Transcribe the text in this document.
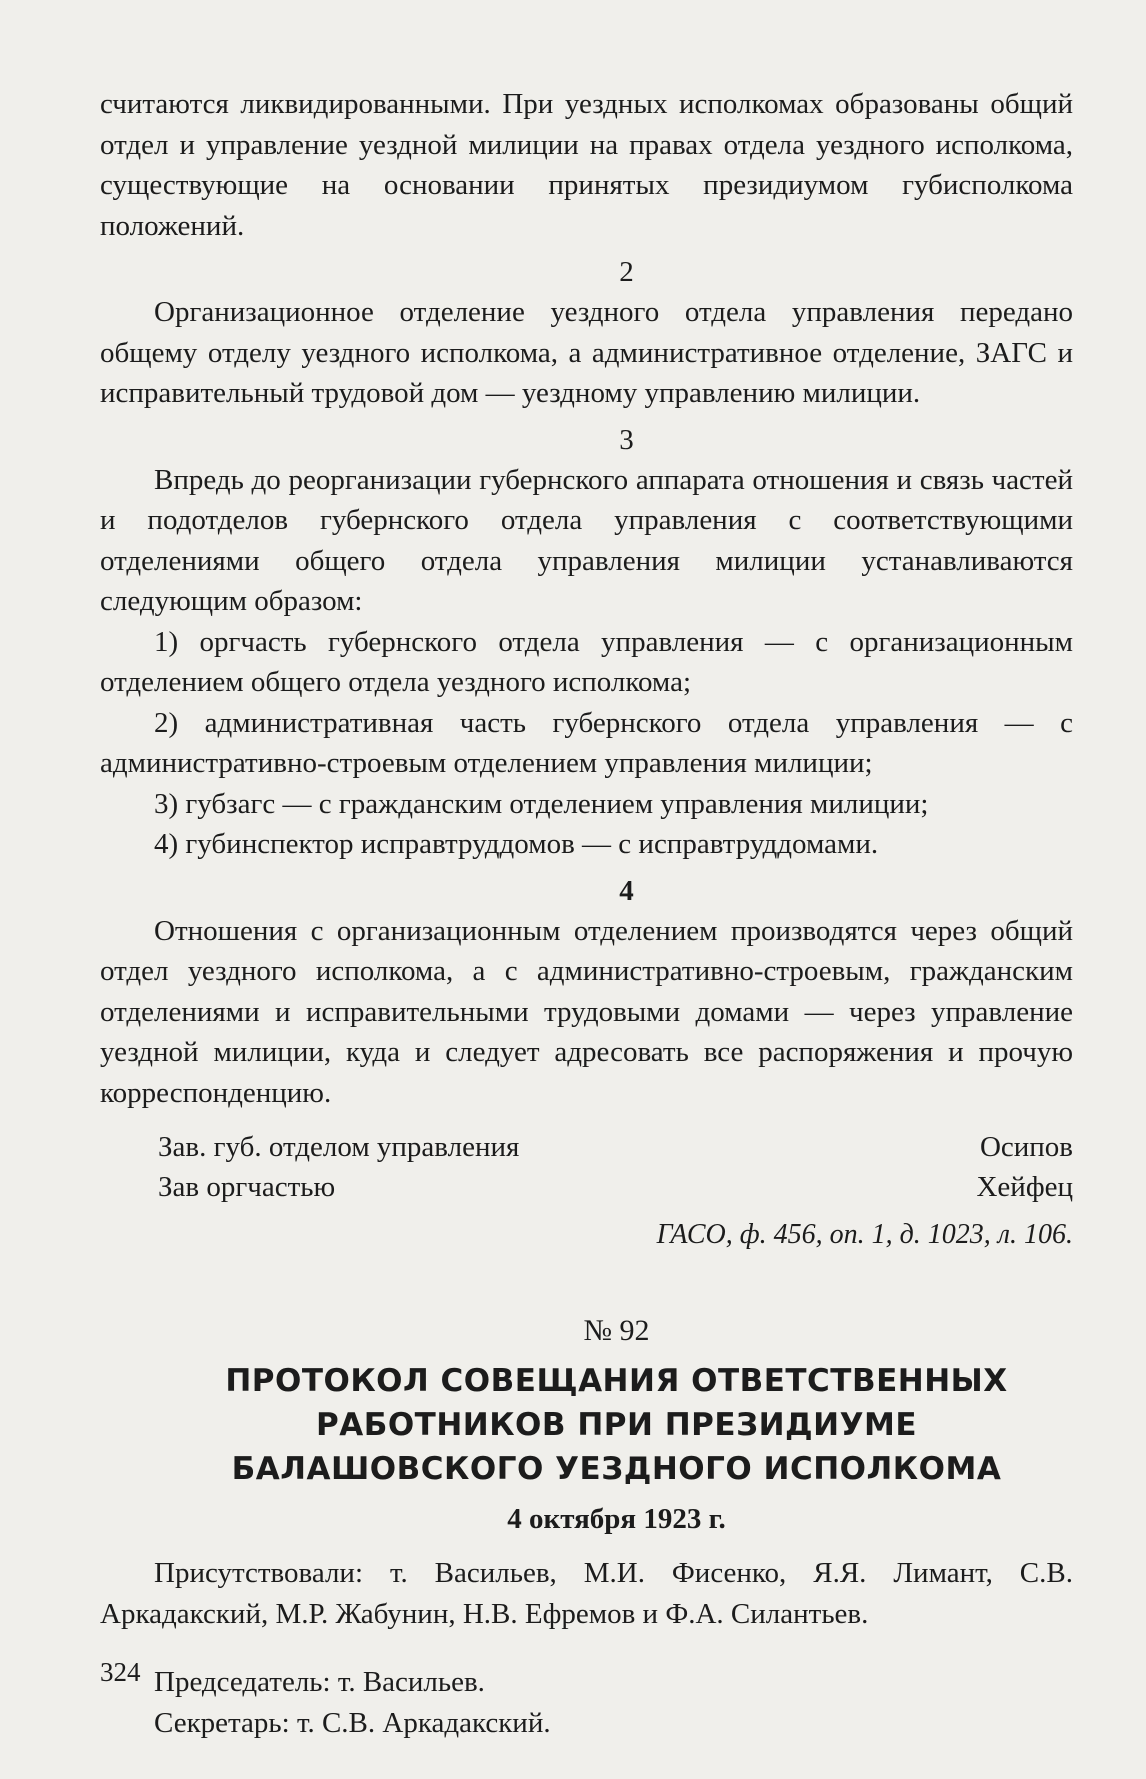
считаются ликвидированными. При уездных исполкомах образованы общий отдел и управление уездной милиции на правах отдела уездного исполкома, существующие на основании принятых президиумом губисполкома положений.

2

Организационное отделение уездного отдела управления передано общему отделу уездного исполкома, а административное отделение, ЗАГС и исправительный трудовой дом — уездному управлению милиции.

3

Впредь до реорганизации губернского аппарата отношения и связь частей и подотделов губернского отдела управления с соответствующими отделениями общего отдела управления милиции устанавливаются следующим образом:

1) оргчасть губернского отдела управления — с организационным отделением общего отдела уездного исполкома;

2) административная часть губернского отдела управления — с административно-строевым отделением управления милиции;

3) губзагс — с гражданским отделением управления милиции;

4) губинспектор исправтруддомов — с исправтруддомами.

4

Отношения с организационным отделением производятся через общий отдел уездного исполкома, а с административно-строевым, гражданским отделениями и исправительными трудовыми домами — через управление уездной милиции, куда и следует адресовать все распоряжения и прочую корреспонденцию.

Зав. губ. отделом управления	Осипов
Зав оргчастью	Хейфец
ГАСО, ф. 456, оп. 1, д. 1023, л. 106.
№ 92
ПРОТОКОЛ СОВЕЩАНИЯ ОТВЕТСТВЕННЫХ
РАБОТНИКОВ ПРИ ПРЕЗИДИУМЕ
БАЛАШОВСКОГО УЕЗДНОГО ИСПОЛКОМА
4 октября 1923 г.

Присутствовали: т. Васильев, М.И. Фисенко, Я.Я. Лимант, С.В. Аркадакский, М.Р. Жабунин, Н.В. Ефремов и Ф.А. Силантьев.

Председатель: т. Васильев.

Секретарь: т. С.В. Аркадакский.

324
